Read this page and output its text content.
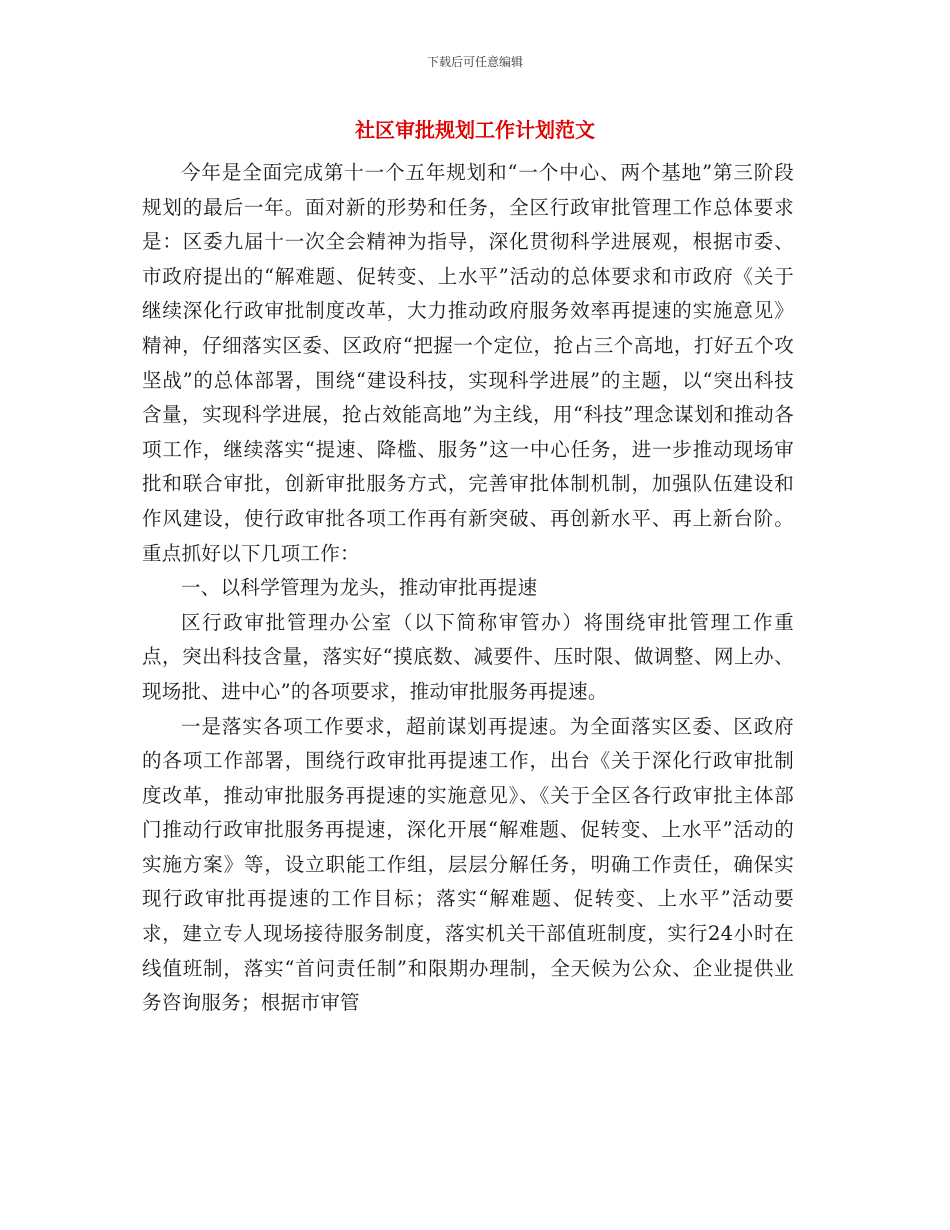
下载后可任意编辑
社区审批规划工作计划范文

今年是全面完成第十一个五年规划和“一个中心、两个基地”第三阶段规划的最后一年。面对新的形势和任务，全区行政审批管理工作总体要求是：区委九届十一次全会精神为指导，深化贯彻科学进展观，根据市委、市政府提出的“解难题、促转变、上水平”活动的总体要求和市政府《关于继续深化行政审批制度改革，大力推动政府服务效率再提速的实施意见》精神，仔细落实区委、区政府“把握一个定位，抢占三个高地，打好五个攻坚战”的总体部署，围绕“建设科技，实现科学进展”的主题，以“突出科技含量，实现科学进展，抢占效能高地”为主线，用“科技”理念谋划和推动各项工作，继续落实“提速、降槛、服务”这一中心任务，进一步推动现场审批和联合审批，创新审批服务方式，完善审批体制机制，加强队伍建设和作风建设，使行政审批各项工作再有新突破、再创新水平、再上新台阶。重点抓好以下几项工作：

一、以科学管理为龙头，推动审批再提速

区行政审批管理办公室（以下简称审管办）将围绕审批管理工作重点，突出科技含量，落实好“摸底数、减要件、压时限、做调整、网上办、现场批、进中心”的各项要求，推动审批服务再提速。

一是落实各项工作要求，超前谋划再提速。为全面落实区委、区政府的各项工作部署，围绕行政审批再提速工作，出台《关于深化行政审批制度改革，推动审批服务再提速的实施意见》、《关于全区各行政审批主体部门推动行政审批服务再提速，深化开展“解难题、促转变、上水平”活动的实施方案》等，设立职能工作组，层层分解任务，明确工作责任，确保实现行政审批再提速的工作目标；落实“解难题、促转变、上水平”活动要求，建立专人现场接待服务制度，落实机关干部值班制度，实行24小时在线值班制，落实“首问责任制”和限期办理制，全天候为公众、企业提供业务咨询服务；根据市审管
